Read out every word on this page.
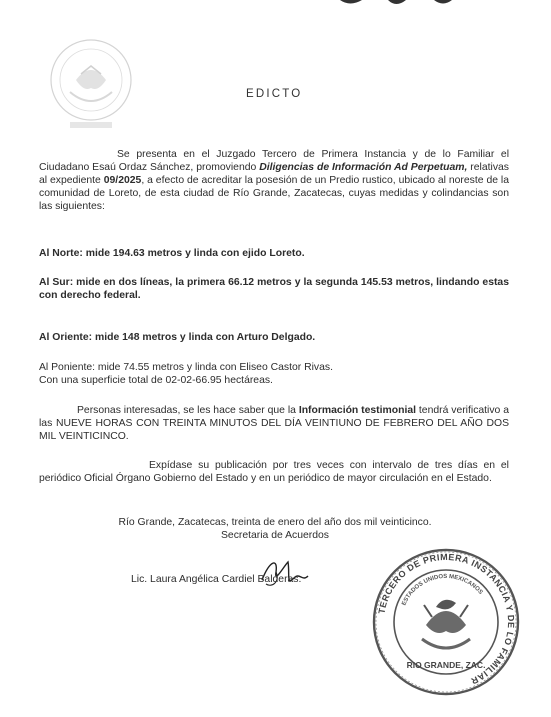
EDICTO
Se presenta en el Juzgado Tercero de Primera Instancia y de lo Familiar el Ciudadano Esaú Ordaz Sánchez, promoviendo Diligencias de Información Ad Perpetuam, relativas al expediente 09/2025, a efecto de acreditar la posesión de un Predio rustico, ubicado al noreste de la comunidad de Loreto, de esta ciudad de Río Grande, Zacatecas, cuyas medidas y colindancias son las siguientes:
Al Norte: mide 194.63 metros y linda con ejido Loreto.
Al Sur: mide en dos líneas, la primera 66.12 metros y la segunda 145.53 metros, lindando estas con derecho federal.
Al Oriente: mide 148 metros y linda con Arturo Delgado.
Al Poniente: mide 74.55 metros y linda con Eliseo Castor Rivas.
Con una superficie total de 02-02-66.95 hectáreas.
Personas interesadas, se les hace saber que la Información testimonial tendrá verificativo a las NUEVE HORAS CON TREINTA MINUTOS DEL DÍA VEINTIUNO DE FEBRERO DEL AÑO DOS MIL VEINTICINCO.
Expídase su publicación por tres veces con intervalo de tres días en el periódico Oficial Órgano Gobierno del Estado y en un periódico de mayor circulación en el Estado.
Río Grande, Zacatecas, treinta de enero del año dos mil veinticinco.
Secretaria de Acuerdos
Lic. Laura Angélica Cardiel Balderas.
TERCERO DE PRIMERA INSTANCIA Y DE LO FAMILIAR
ESTADOS UNIDOS MEXICANOS
RIO GRANDE, ZAC.
